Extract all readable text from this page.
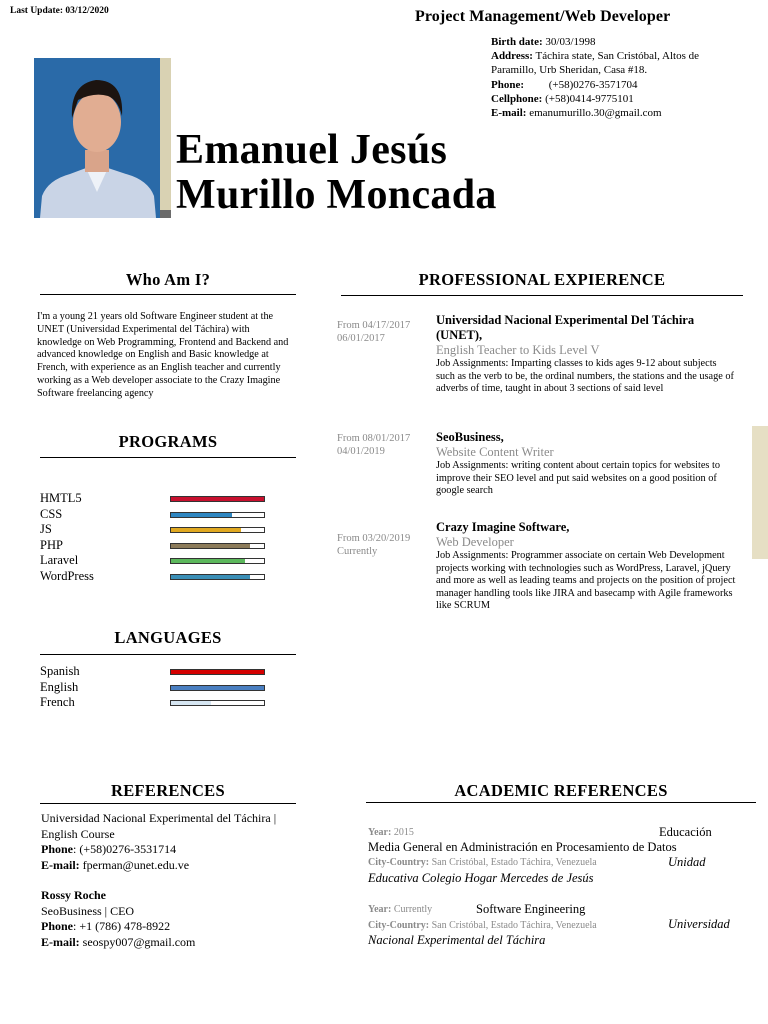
Last Update: 03/12/2020	Project Management/Web Developer
Birth date: 30/03/1998
Address: Táchira state, San Cristóbal, Altos de Paramillo, Urb Sheridan, Casa #18.
Phone: (+58)0276-3571704
Cellphone: (+58)0414-9775101
E-mail: emanumurillo.30@gmail.com
Emanuel Jesús
Murillo Moncada
Who Am I?
I'm a young 21 years old Software Engineer student at the UNET (Universidad Experimental del Táchira) with knowledge on Web Programming, Frontend and Backend and advanced knowledge on English and Basic knowledge at French, with experience as an English teacher and currently working as a Web developer associate to the Crazy Imagine Software freelancing agency
PROGRAMS
HMTL5
CSS
JS
PHP
Laravel
WordPress
LANGUAGES
Spanish
English
French
PROFESSIONAL EXPIERENCE
From 04/17/2017
06/01/2017
Universidad Nacional Experimental Del Táchira (UNET),
English Teacher to Kids Level V
Job Assignments: Imparting classes to kids ages 9-12 about subjects such as the verb to be, the ordinal numbers, the stations and the usage of adverbs of time, taught in about 3 sections of said level
From 08/01/2017
04/01/2019
SeoBusiness,
Website Content Writer
Job Assignments: writing content about certain topics for websites to improve their SEO level and put said websites on a good position of google search
From 03/20/2019
Currently
Crazy Imagine Software,
Web Developer
Job Assignments: Programmer associate on certain Web Development projects working with technologies such as WordPress, Laravel, jQuery and more as well as leading teams and projects on the position of project manager handling tools like JIRA and basecamp with Agile frameworks like SCRUM
REFERENCES
Universidad Nacional Experimental del Táchira | English Course
Phone: (+58)0276-3531714
E-mail: fperman@unet.edu.ve
Rossy Roche
SeoBusiness | CEO
Phone: +1 (786) 478-8922
E-mail: seospy007@gmail.com
ACADEMIC REFERENCES
Year: 2015	Educación
Media General en Administración en Procesamiento de Datos
City-Country: San Cristóbal, Estado Táchira, Venezuela	Unidad
Educativa Colegio Hogar Mercedes de Jesús
Year: Currently	Software Engineering
City-Country: San Cristóbal, Estado Táchira, Venezuela	Universidad
Nacional Experimental del Táchira
